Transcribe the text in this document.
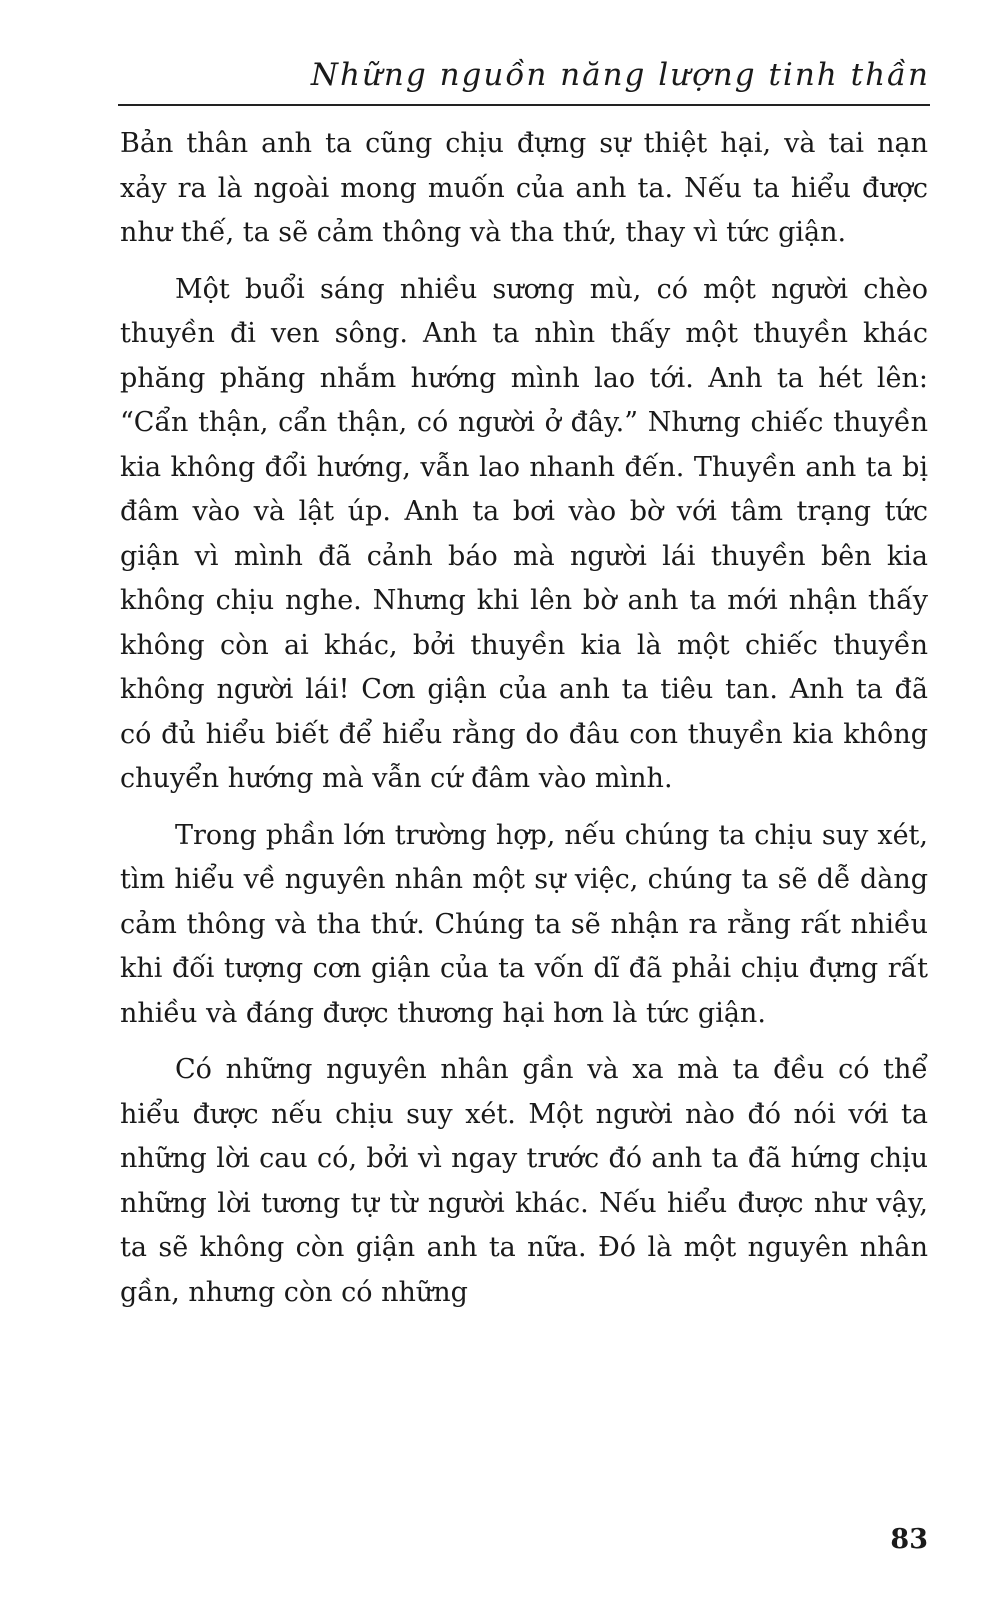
Những nguồn năng lượng tinh thần

Bản thân anh ta cũng chịu đựng sự thiệt hại, và tai nạn xảy ra là ngoài mong muốn của anh ta. Nếu ta hiểu được như thế, ta sẽ cảm thông và tha thứ, thay vì tức giận.

Một buổi sáng nhiều sương mù, có một người chèo thuyền đi ven sông. Anh ta nhìn thấy một thuyền khác phăng phăng nhắm hướng mình lao tới. Anh ta hét lên: “Cẩn thận, cẩn thận, có người ở đây.” Nhưng chiếc thuyền kia không đổi hướng, vẫn lao nhanh đến. Thuyền anh ta bị đâm vào và lật úp. Anh ta bơi vào bờ với tâm trạng tức giận vì mình đã cảnh báo mà người lái thuyền bên kia không chịu nghe. Nhưng khi lên bờ anh ta mới nhận thấy không còn ai khác, bởi thuyền kia là một chiếc thuyền không người lái! Cơn giận của anh ta tiêu tan. Anh ta đã có đủ hiểu biết để hiểu rằng do đâu con thuyền kia không chuyển hướng mà vẫn cứ đâm vào mình.

Trong phần lớn trường hợp, nếu chúng ta chịu suy xét, tìm hiểu về nguyên nhân một sự việc, chúng ta sẽ dễ dàng cảm thông và tha thứ. Chúng ta sẽ nhận ra rằng rất nhiều khi đối tượng cơn giận của ta vốn dĩ đã phải chịu đựng rất nhiều và đáng được thương hại hơn là tức giận.

Có những nguyên nhân gần và xa mà ta đều có thể hiểu được nếu chịu suy xét. Một người nào đó nói với ta những lời cau có, bởi vì ngay trước đó anh ta đã hứng chịu những lời tương tự từ người khác. Nếu hiểu được như vậy, ta sẽ không còn giận anh ta nữa. Đó là một nguyên nhân gần, nhưng còn có những

83
